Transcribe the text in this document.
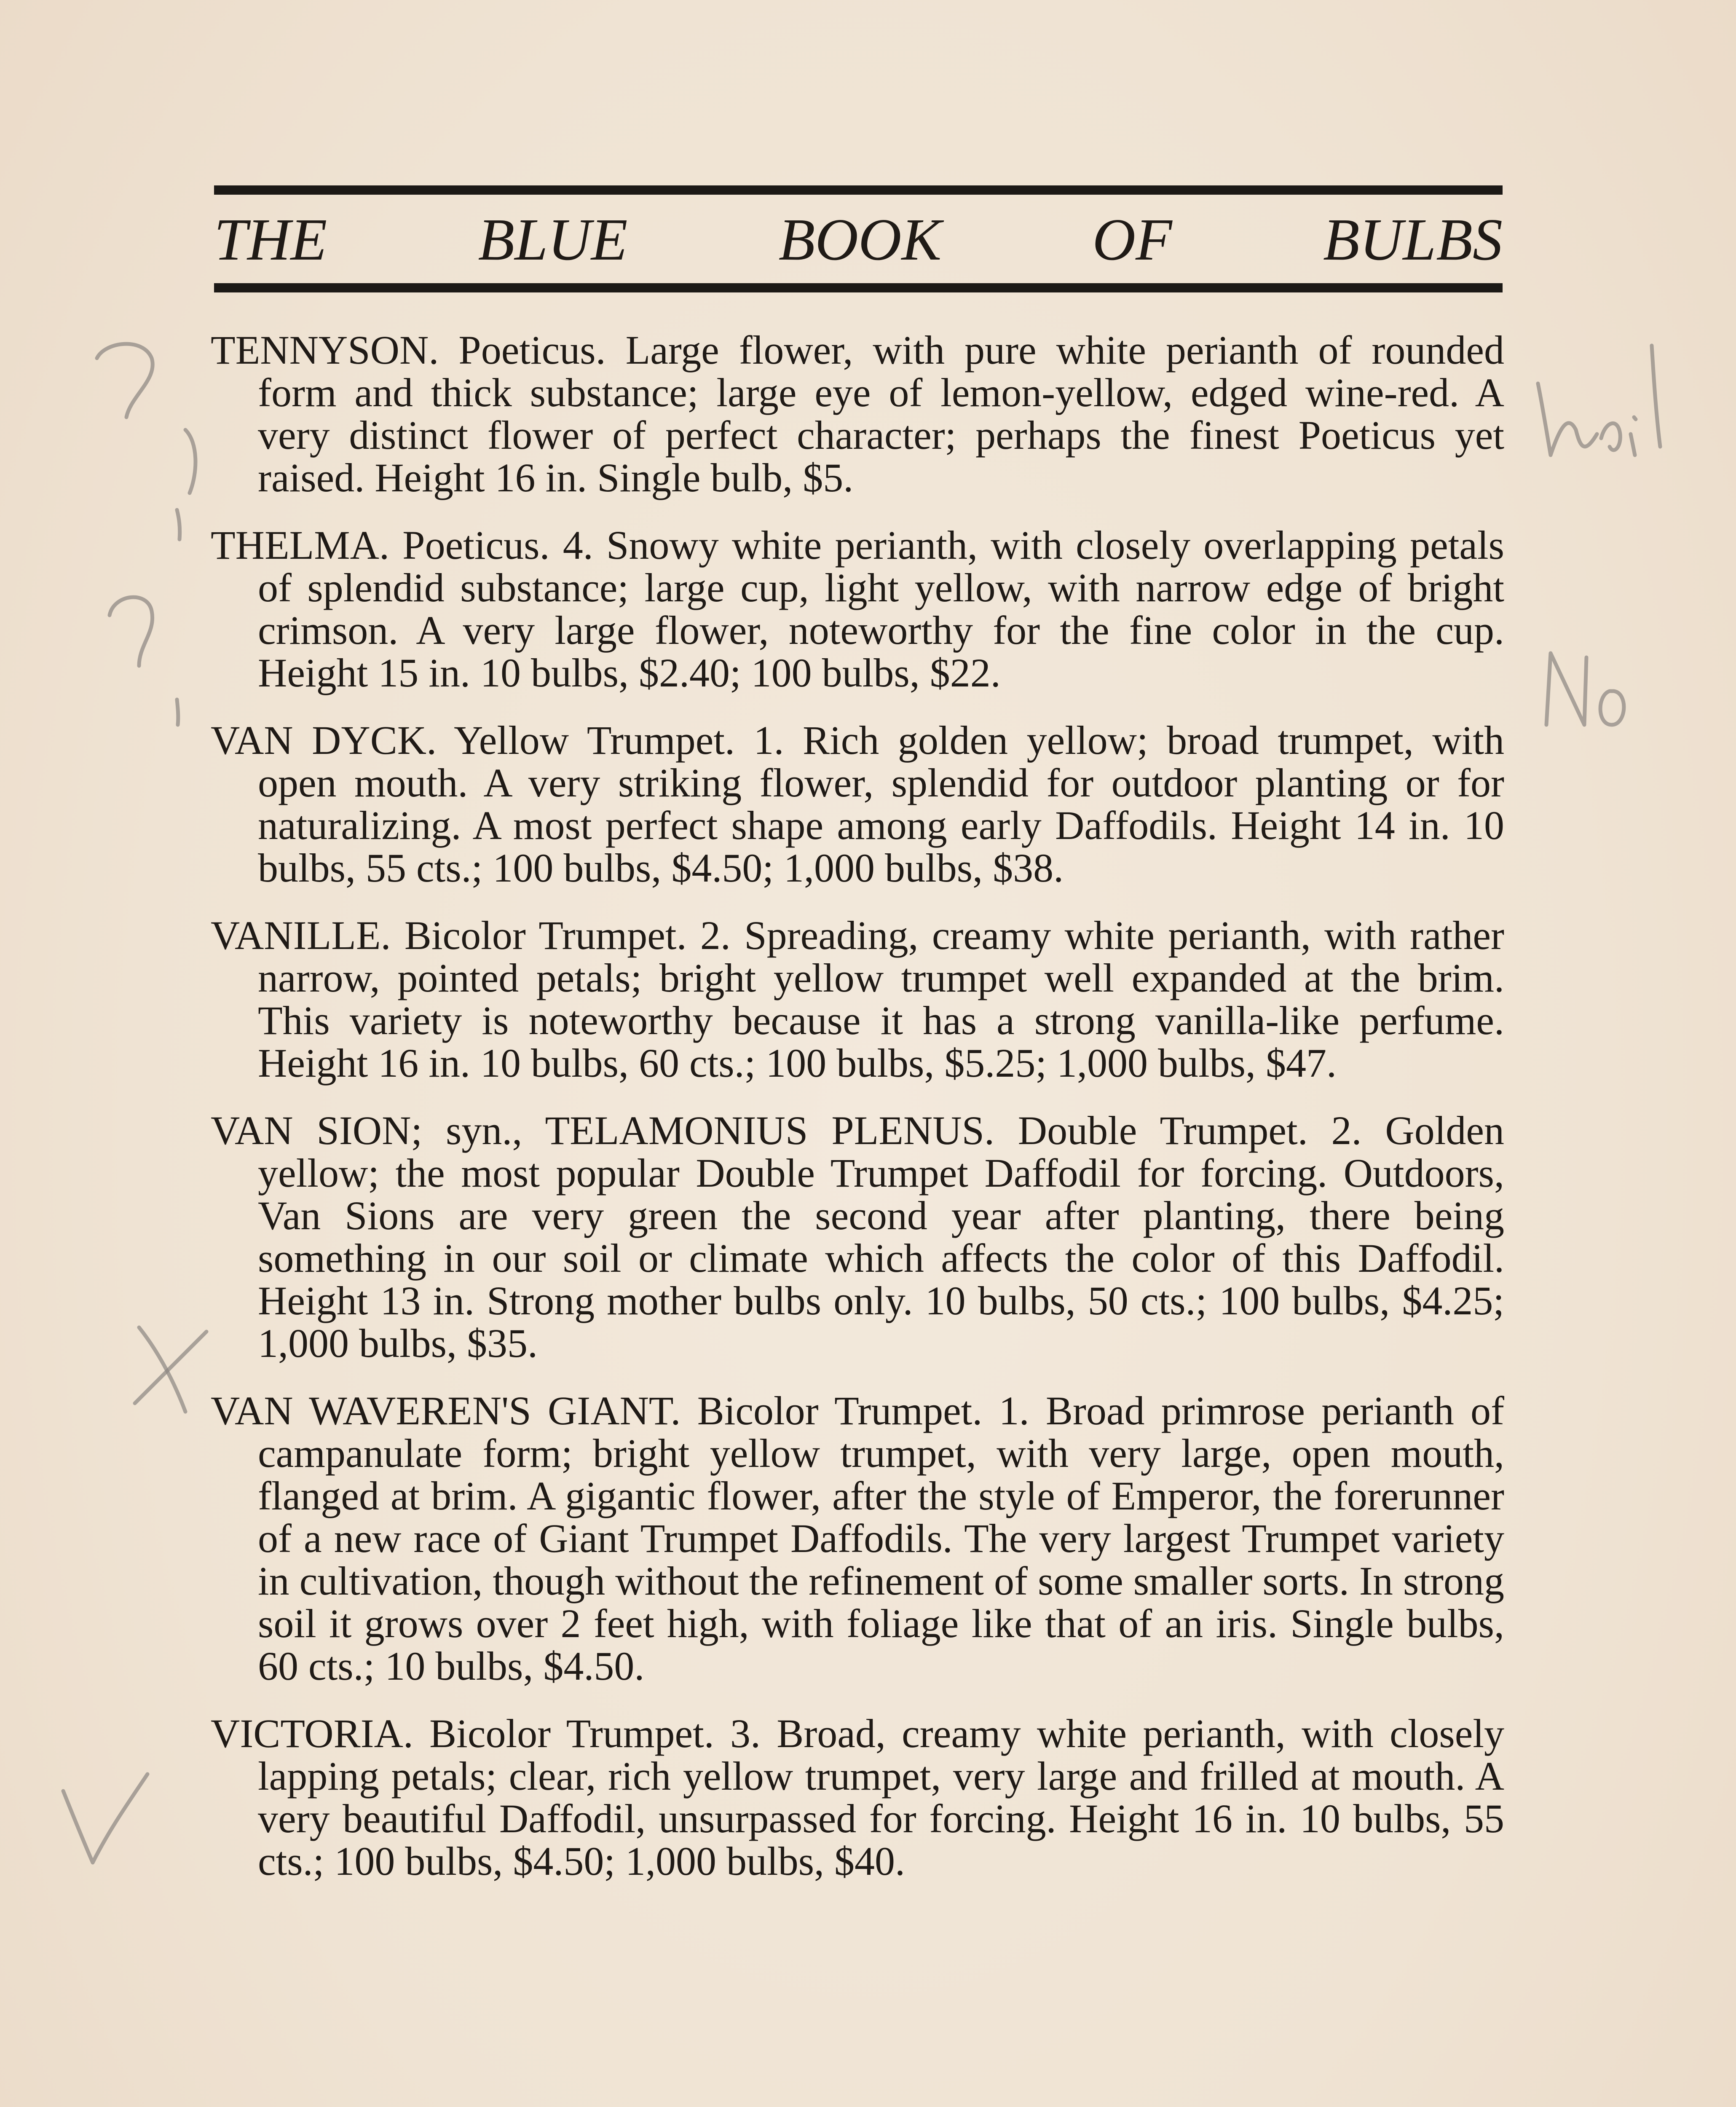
THE	BLUE	BOOK	OF	BULBS

TENNYSON. Poeticus. Large flower, with pure white perianth of rounded form and thick substance; large eye of lemon-yellow, edged wine-red. A very distinct flower of perfect character; perhaps the finest Poeticus yet raised. Height 16 in. Single bulb, $5.

THELMA. Poeticus. 4. Snowy white perianth, with closely overlapping petals of splendid substance; large cup, light yellow, with narrow edge of bright crimson. A very large flower, noteworthy for the fine color in the cup. Height 15 in. 10 bulbs, $2.40; 100 bulbs, $22.

VAN DYCK. Yellow Trumpet. 1. Rich golden yellow; broad trumpet, with open mouth. A very striking flower, splendid for outdoor planting or for naturalizing. A most perfect shape among early Daffodils. Height 14 in. 10 bulbs, 55 cts.; 100 bulbs, $4.50; 1,000 bulbs, $38.

VANILLE. Bicolor Trumpet. 2. Spreading, creamy white perianth, with rather narrow, pointed petals; bright yellow trumpet well expanded at the brim. This variety is noteworthy because it has a strong vanilla-like perfume. Height 16 in. 10 bulbs, 60 cts.; 100 bulbs, $5.25; 1,000 bulbs, $47.

VAN SION; syn., TELAMONIUS PLENUS. Double Trumpet. 2. Golden yellow; the most popular Double Trumpet Daffodil for forcing. Outdoors, Van Sions are very green the second year after planting, there being something in our soil or climate which affects the color of this Daffodil. Height 13 in. Strong mother bulbs only. 10 bulbs, 50 cts.; 100 bulbs, $4.25; 1,000 bulbs, $35.

VAN WAVEREN'S GIANT. Bicolor Trumpet. 1. Broad primrose perianth of campanulate form; bright yellow trumpet, with very large, open mouth, flanged at brim. A gigantic flower, after the style of Emperor, the forerunner of a new race of Giant Trumpet Daffodils. The very largest Trumpet variety in cultivation, though without the refinement of some smaller sorts. In strong soil it grows over 2 feet high, with foliage like that of an iris. Single bulbs, 60 cts.; 10 bulbs, $4.50.

VICTORIA. Bicolor Trumpet. 3. Broad, creamy white perianth, with closely lapping petals; clear, rich yellow trumpet, very large and frilled at mouth. A very beautiful Daffodil, unsurpassed for forcing. Height 16 in. 10 bulbs, 55 cts.; 100 bulbs, $4.50; 1,000 bulbs, $40.
